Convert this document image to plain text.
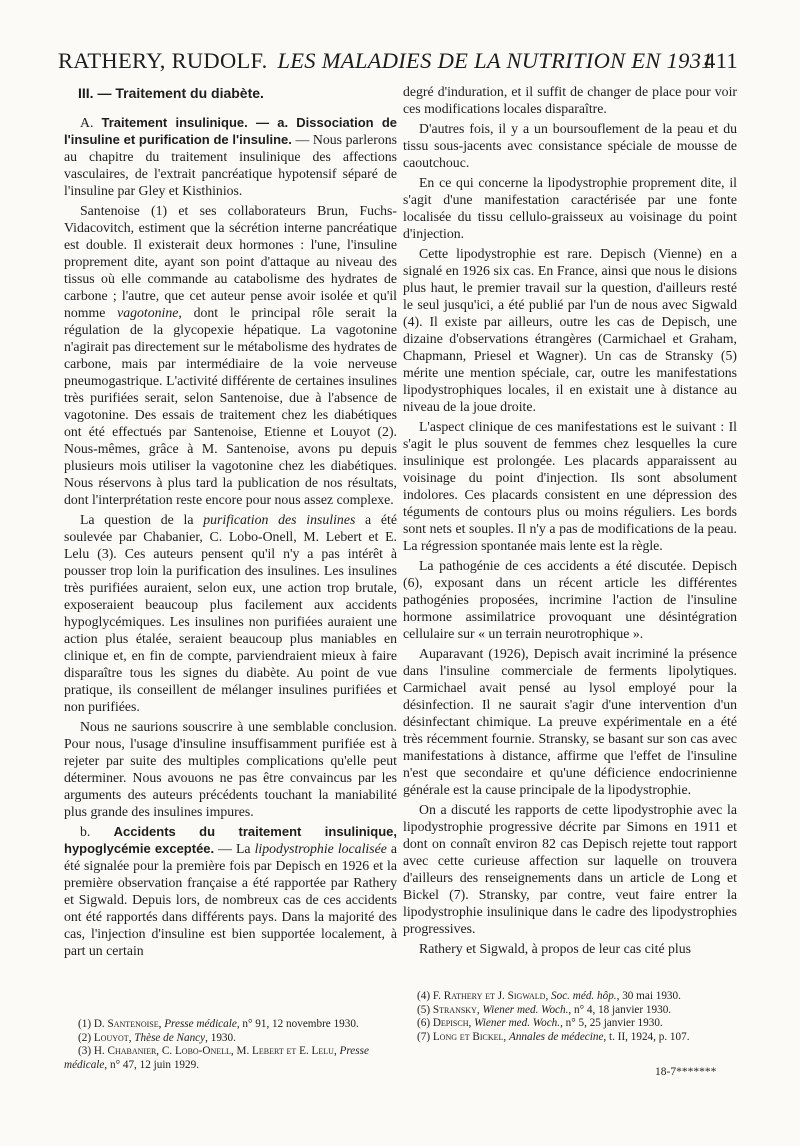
RATHERY, RUDOLF. LES MALADIES DE LA NUTRITION EN 1931
411
III. — Traitement du diabète.

A. Traitement insulinique. — a. Dissociation de l'insuline et purification de l'insuline. — Nous parlerons au chapitre du traitement insulinique des affections vasculaires, de l'extrait pancréatique hypotensif séparé de l'insuline par Gley et Kisthinios.

Santenoise (1) et ses collaborateurs Brun, Fuchs-Vidacovitch, estiment que la sécrétion interne pancréatique est double. Il existerait deux hormones : l'une, l'insuline proprement dite, ayant son point d'attaque au niveau des tissus où elle commande au catabolisme des hydrates de carbone ; l'autre, que cet auteur pense avoir isolée et qu'il nomme vagotonine, dont le principal rôle serait la régulation de la glycopexie hépatique. La vagotonine n'agirait pas directement sur le métabolisme des hydrates de carbone, mais par intermédiaire de la voie nerveuse pneumogastrique. L'activité différente de certaines insulines très purifiées serait, selon Santenoise, due à l'absence de vagotonine. Des essais de traitement chez les diabétiques ont été effectués par Santenoise, Etienne et Louyot (2). Nous-mêmes, grâce à M. Santenoise, avons pu depuis plusieurs mois utiliser la vagotonine chez les diabétiques. Nous réservons à plus tard la publication de nos résultats, dont l'interprétation reste encore pour nous assez complexe.

La question de la purification des insulines a été soulevée par Chabanier, C. Lobo-Onell, M. Lebert et E. Lelu (3). Ces auteurs pensent qu'il n'y a pas intérêt à pousser trop loin la purification des insulines. Les insulines très purifiées auraient, selon eux, une action trop brutale, exposeraient beaucoup plus facilement aux accidents hypoglycémiques. Les insulines non purifiées auraient une action plus étalée, seraient beaucoup plus maniables en clinique et, en fin de compte, parviendraient mieux à faire disparaître tous les signes du diabète. Au point de vue pratique, ils conseillent de mélanger insulines purifiées et non purifiées.

Nous ne saurions souscrire à une semblable conclusion. Pour nous, l'usage d'insuline insuffisamment purifiée est à rejeter par suite des multiples complications qu'elle peut déterminer. Nous avouons ne pas être convaincus par les arguments des auteurs précédents touchant la maniabilité plus grande des insulines impures.

b. Accidents du traitement insulinique, hypoglycémie exceptée. — La lipodystrophie localisée a été signalée pour la première fois par Depisch en 1926 et la première observation française a été rapportée par Rathery et Sigwald. Depuis lors, de nombreux cas de ces accidents ont été rapportés dans différents pays. Dans la majorité des cas, l'injection d'insuline est bien supportée localement, à part un certain

degré d'induration, et il suffit de changer de place pour voir ces modifications locales disparaître.

D'autres fois, il y a un boursouflement de la peau et du tissu sous-jacents avec consistance spéciale de mousse de caoutchouc.

En ce qui concerne la lipodystrophie proprement dite, il s'agit d'une manifestation caractérisée par une fonte localisée du tissu cellulo-graisseux au voisinage du point d'injection.

Cette lipodystrophie est rare. Depisch (Vienne) en a signalé en 1926 six cas. En France, ainsi que nous le disions plus haut, le premier travail sur la question, d'ailleurs resté le seul jusqu'ici, a été publié par l'un de nous avec Sigwald (4). Il existe par ailleurs, outre les cas de Depisch, une dizaine d'observations étrangères (Carmichael et Graham, Chapmann, Priesel et Wagner). Un cas de Stransky (5) mérite une mention spéciale, car, outre les manifestations lipodystrophiques locales, il en existait une à distance au niveau de la joue droite.

L'aspect clinique de ces manifestations est le suivant : Il s'agit le plus souvent de femmes chez lesquelles la cure insulinique est prolongée. Les placards apparaissent au voisinage du point d'injection. Ils sont absolument indolores. Ces placards consistent en une dépression des téguments de contours plus ou moins réguliers. Les bords sont nets et souples. Il n'y a pas de modifications de la peau. La régression spontanée mais lente est la règle.

La pathogénie de ces accidents a été discutée. Depisch (6), exposant dans un récent article les différentes pathogénies proposées, incrimine l'action de l'insuline hormone assimilatrice provoquant une désintégration cellulaire sur « un terrain neurotrophique ».

Auparavant (1926), Depisch avait incriminé la présence dans l'insuline commerciale de ferments lipolytiques. Carmichael avait pensé au lysol employé pour la désinfection. Il ne saurait s'agir d'une intervention d'un désinfectant chimique. La preuve expérimentale en a été très récemment fournie. Stransky, se basant sur son cas avec manifestations à distance, affirme que l'effet de l'insuline n'est que secondaire et qu'une déficience endocrinienne générale est la cause principale de la lipodystrophie.

On a discuté les rapports de cette lipodystrophie avec la lipodystrophie progressive décrite par Simons en 1911 et dont on connaît environ 82 cas Depisch rejette tout rapport avec cette curieuse affection sur laquelle on trouvera d'ailleurs des renseignements dans un article de Long et Bickel (7). Stransky, par contre, veut faire entrer la lipodystrophie insulinique dans le cadre des lipodystrophies progressives.

Rathery et Sigwald, à propos de leur cas cité plus

(1) D. Santenoise, Presse médicale, n° 91, 12 novembre 1930.
(2) Louyot, Thèse de Nancy, 1930.
(3) H. Chabanier, C. Lobo-Onell, M. Lebert et E. Lelu, Presse médicale, n° 47, 12 juin 1929.
(4) F. Rathery et J. Sigwald, Soc. méd. hôp., 30 mai 1930.
(5) Stransky, Wiener med. Woch., n° 4, 18 janvier 1930.
(6) Depisch, Wiener med. Woch., n° 5, 25 janvier 1930.
(7) Long et Bickel, Annales de médecine, t. II, 1924, p. 107.
18-7*******
